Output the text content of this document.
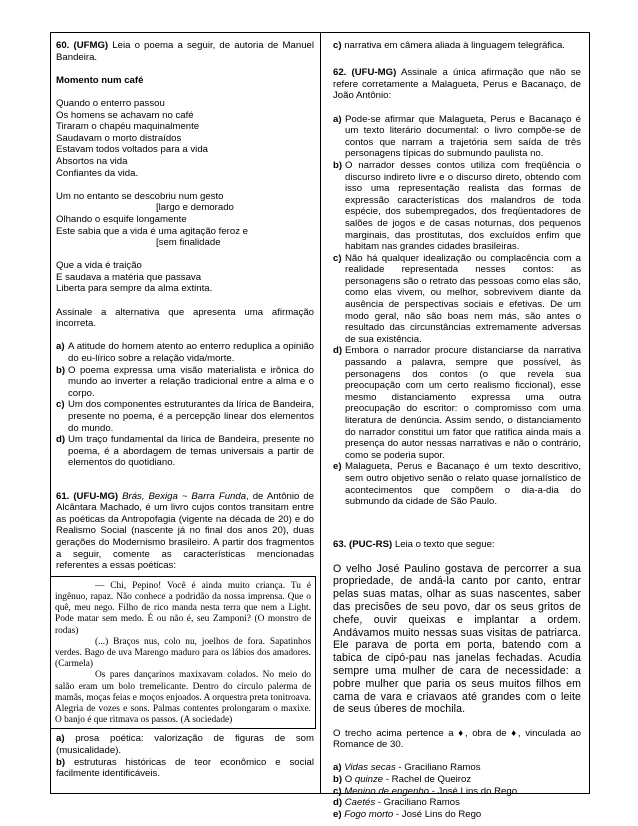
60. (UFMG) Leia o poema a seguir, de autoria de Manuel Bandeira.
Momento num café
Quando o enterro passou
Os homens se achavam no café
Tiraram o chapéu maquinalmente
Saudavam o morto distraídos
Estavam todos voltados para a vida
Absortos na vida
Confiantes da vida.
Um no entanto se descobriu num gesto
[largo e demorado
Olhando o esquife longamente
Este sabia que a vida é uma agitação feroz e
[sem finalidade
Que a vida é traição
E saudava a matéria que passava
Liberta para sempre da alma extinta.
Assinale a alternativa que apresenta uma afirmação incorreta.
a) A atitude do homem atento ao enterro reduplica a opinião do eu-lírico sobre a relação vida/morte.
b) O poema expressa uma visão materialista e irônica do mundo ao inverter a relação tradicional entre a alma e o corpo.
c) Um dos componentes estruturantes da lírica de Bandeira, presente no poema, é a percepção linear dos elementos do mundo.
d) Um traço fundamental da lírica de Bandeira, presente no poema, é a abordagem de temas universais a partir de elementos do quotidiano.
61. (UFU-MG) Brás, Bexiga ~ Barra Funda, de Antônio de Alcântara Machado, é um livro cujos contos transitam entre as poéticas da Antropofagia (vigente na década de 20) e do Realismo Social (nascente já no final dos anos 20), duas gerações do Modernismo brasileiro. A partir dos fragmentos a seguir, comente as características mencionadas referentes a essas poéticas:

— Chi, Pepino! Você é ainda muito criança. Tu é ingênuo, rapaz. Não conhece a podridão da nossa imprensa. Que o quê, meu nego. Filho de rico manda nesta terra que nem a Light. Pode matar sem medo. É ou não é, seu Zamponi? (O monstro de rodas)

(...) Braços nus, colo nu, joelhos de fora. Sapatinhos verdes. Bago de uva Marengo maduro para os lábios dos amadores. (Carmela)

Os pares dançarinos maxixavam colados. No meio do salão eram um bolo tremelicante. Dentro do círculo palerma de mamãs, moças feias e moços enjoados. A orquestra preta tonitroava. Alegria de vozes e sons. Palmas contentes prolongaram o maxixe. O banjo é que ritmava os passos. (A sociedade)

a) prosa poética: valorização de figuras de som (musicalidade).
b) estruturas históricas de teor econômico e social facilmente identificáveis.
c) narrativa em câmera aliada à linguagem telegráfica.
62. (UFU-MG) Assinale a única afirmação que não se refere corretamente a Malagueta, Perus e Bacanaço, de João Antônio:
a) Pode-se afirmar que Malagueta, Perus e Bacanaço é um texto literário documental: o livro compõe-se de contos que narram a trajetória sem saída de três personagens típicas do submundo paulista no.
b) O narrador desses contos utiliza com freqüência o discurso indireto livre e o discurso direto, obtendo com isso uma representação realista das formas de expressão características dos malandros de toda espécie, dos subempregados, dos freqüentadores de salões de jogos e de casas noturnas, dos pequenos marginais, das prostitutas, dos excluídos enfim que habitam nas grandes cidades brasileiras.
c) Não há qualquer idealização ou complacência com a realidade representada nesses contos: as personagens são o retrato das pessoas como elas são, como elas vivem, ou melhor, sobrevivem diante da ausência de perspectivas sociais e efetivas. De um modo geral, não são boas nem más, são antes o resultado das circunstâncias extremamente adversas de sua existência.
d) Embora o narrador procure distanciarse da narrativa passando a palavra, sempre que possível, às personagens dos contos (o que revela sua preocupação com um certo realismo ficcional), esse mesmo distanciamento expressa uma outra preocupação do escritor: o compromisso com uma literatura de denúncia. Assim sendo, o distanciamento do narrador constitui um fator que ratifica ainda mais a presença do autor nessas narrativas e não o contrário, como se poderia supor.
e) Malagueta, Perus e Bacanaço é um texto descritivo, sem outro objetivo senão o relato quase jornalístico de acontecimentos que compõem o dia-a-dia do submundo da cidade de São Paulo.
63. (PUC-RS) Leia o texto que segue:
O velho José Paulino gostava de percorrer a sua propriedade, de andá-la canto por canto, entrar pelas suas matas, olhar as suas nascentes, saber das precisões de seu povo, dar os seus gritos de chefe, ouvir queixas e implantar a ordem. Andávamos muito nessas suas visitas de patriarca. Ele parava de porta em porta, batendo com a tabica de cipó-pau nas janelas fechadas. Acudia sempre uma mulher de cara de necessidade: a pobre mulher que paria os seus muitos filhos em cama de vara e criavaos até grandes com o leite de seus úberes de mochila.
O trecho acima pertence a ♦, obra de ♦, vinculada ao Romance de 30.
a) Vidas secas - Graciliano Ramos
b) O quinze - Rachel de Queiroz
c) Menino de engenho - José Lins do Rego
d) Caetés - Graciliano Ramos
e) Fogo morto - José Lins do Rego
